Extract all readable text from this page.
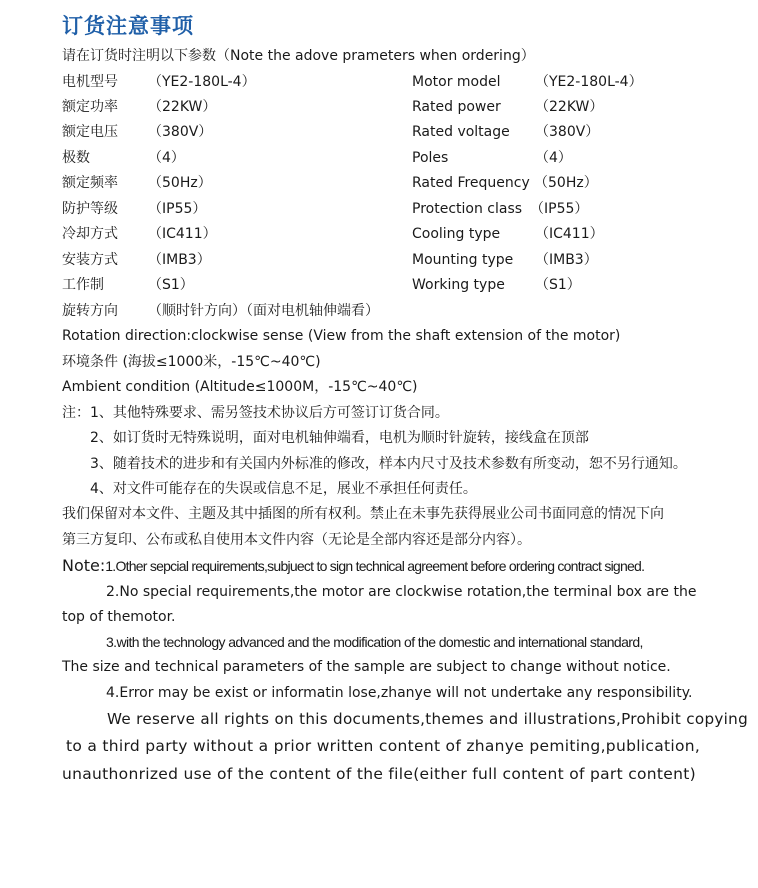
订货注意事项
请在订货时注明以下参数（Note the adove prameters when ordering）
电机型号 （YE2-180L-4）	Motor model （YE2-180L-4）
额定功率 （22KW）	Rated power （22KW）
额定电压 （380V）	Rated voltage （380V）
极数	（4）	Poles	（4）
额定频率 （50Hz）	Rated Frequency （50Hz）
防护等级 （IP55）	Protection class （IP55）
冷却方式 （IC411）	Cooling type （IC411）
安装方式 （IMB3）	Mounting type （IMB3）
工作制	（S1）	Working type （S1）
旋转方向 （顺时针方向）（面对电机轴伸端看）
Rotation direction:clockwise sense (View from the shaft extension of the motor)
环境条件 (海拔≤1000米，-15℃~40℃)
Ambient condition (Altitude≤1000M，-15℃~40℃)
注：1、其他特殊要求、需另签技术协议后方可签订订货合同。
2、如订货时无特殊说明，面对电机轴伸端看，电机为顺时针旋转，接线盒在顶部
3、随着技术的进步和有关国内外标准的修改，样本内尺寸及技术参数有所变动，恕不另行通知。
4、对文件可能存在的失误或信息不足，展业不承担任何责任。
我们保留对本文件、主题及其中插图的所有权利。禁止在未事先获得展业公司书面同意的情况下向
第三方复印、公布或私自使用本文件内容（无论是全部内容还是部分内容）。
Note:1.Other sepcial requirements,subjuect to sign technical agreement before ordering contract signed.
2.No special requirements,the motor are clockwise rotation,the terminal box are the
top of themotor.
3.with the technology advanced and the modification of the domestic and international standard,
The size and technical parameters of the sample are subject to change without notice.
4.Error may be exist or informatin lose,zhanye will not undertake any responsibility.
We reserve all rights on this documents,themes and illustrations,Prohibit copying
to a third party without a prior written content of zhanye pemiting,publication,
unauthonrized use of the content of the file(either full content of part content)
